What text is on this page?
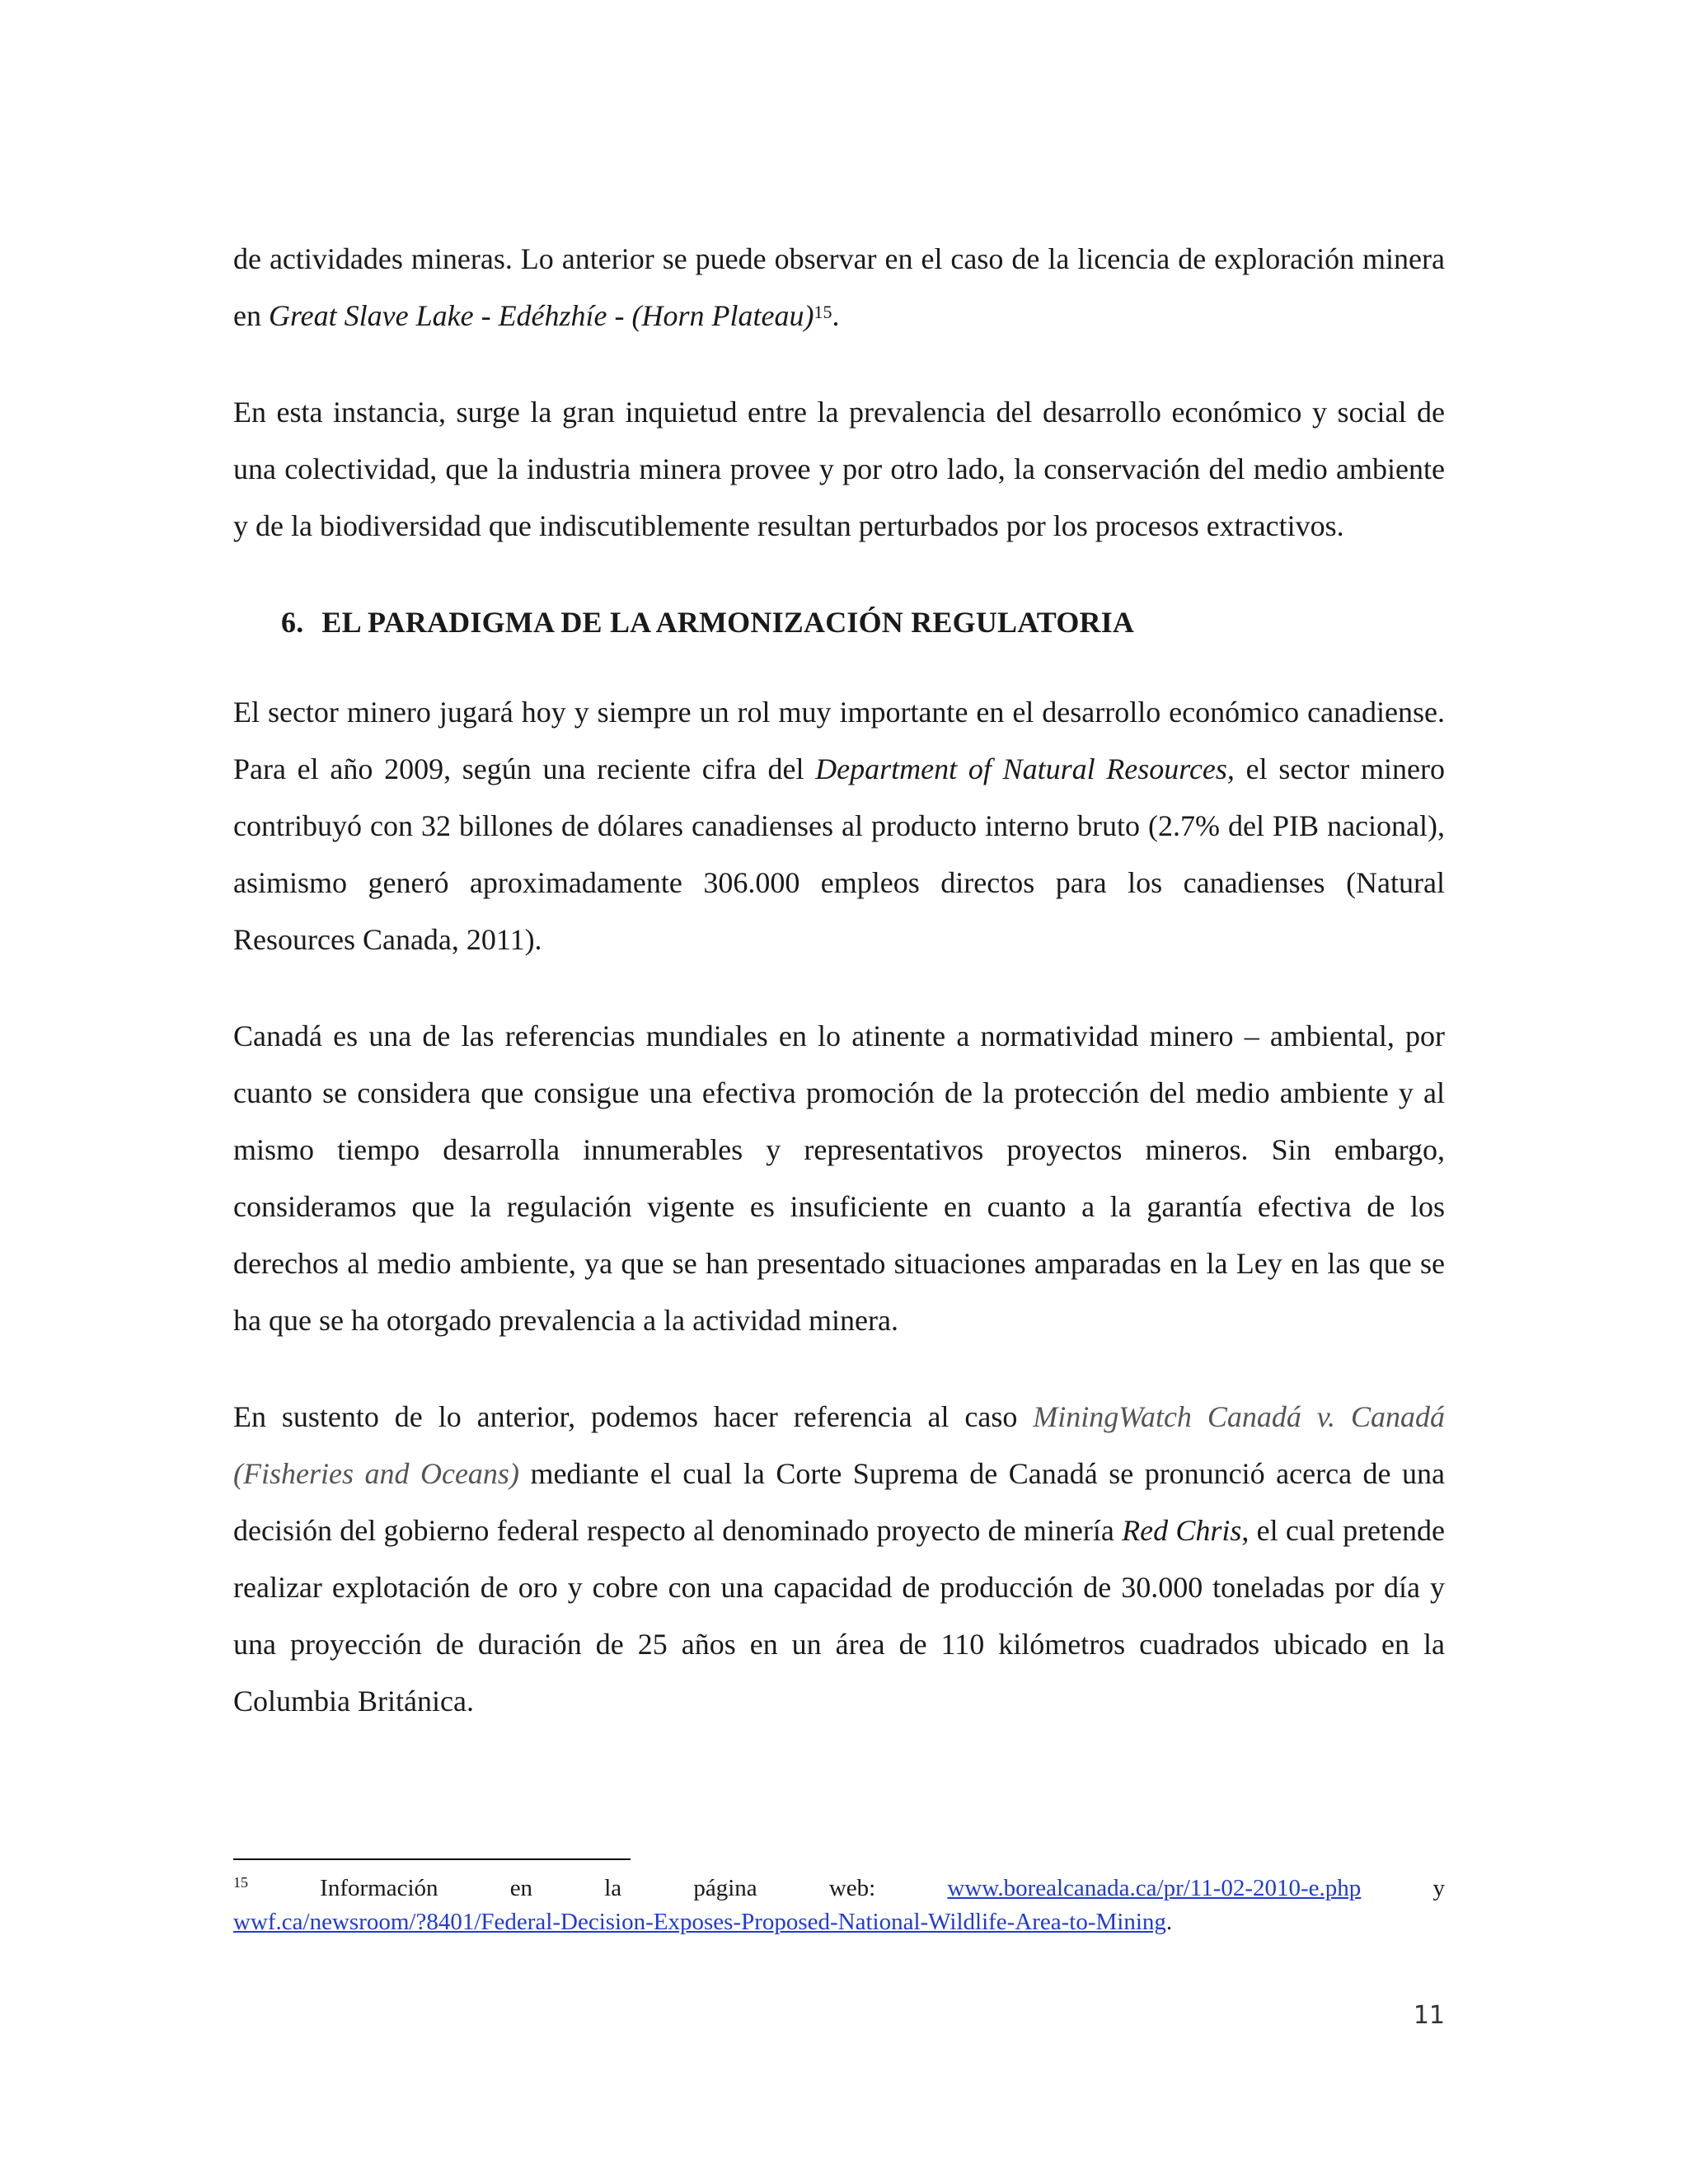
de actividades mineras. Lo anterior se puede observar en el caso de la licencia de exploración minera en Great Slave Lake - Edéhzhíe - (Horn Plateau)$^{15}$.

En esta instancia, surge la gran inquietud entre la prevalencia del desarrollo económico y social de una colectividad, que la industria minera provee y por otro lado, la conservación del medio ambiente y de la biodiversidad que indiscutiblemente resultan perturbados por los procesos extractivos.

6. EL PARADIGMA DE LA ARMONIZACIÓN REGULATORIA

El sector minero jugará hoy y siempre un rol muy importante en el desarrollo económico canadiense. Para el año 2009, según una reciente cifra del Department of Natural Resources, el sector minero contribuyó con 32 billones de dólares canadienses al producto interno bruto (2.7% del PIB nacional), asimismo generó aproximadamente 306.000 empleos directos para los canadienses (Natural Resources Canada, 2011).

Canadá es una de las referencias mundiales en lo atinente a normatividad minero – ambiental, por cuanto se considera que consigue una efectiva promoción de la protección del medio ambiente y al mismo tiempo desarrolla innumerables y representativos proyectos mineros. Sin embargo, consideramos que la regulación vigente es insuficiente en cuanto a la garantía efectiva de los derechos al medio ambiente, ya que se han presentado situaciones amparadas en la Ley en las que se ha que se ha otorgado prevalencia a la actividad minera.

En sustento de lo anterior, podemos hacer referencia al caso MiningWatch Canadá v. Canadá (Fisheries and Oceans) mediante el cual la Corte Suprema de Canadá se pronunció acerca de una decisión del gobierno federal respecto al denominado proyecto de minería Red Chris, el cual pretende realizar explotación de oro y cobre con una capacidad de producción de 30.000 toneladas por día y una proyección de duración de 25 años en un área de 110 kilómetros cuadrados ubicado en la Columbia Británica.

$^{15}$	Información	en	la	página	web:	www.borealcanada.ca/pr/11-02-2010-e.php	y
wwf.ca/newsroom/?8401/Federal-Decision-Exposes-Proposed-National-Wildlife-Area-to-Mining.
11
